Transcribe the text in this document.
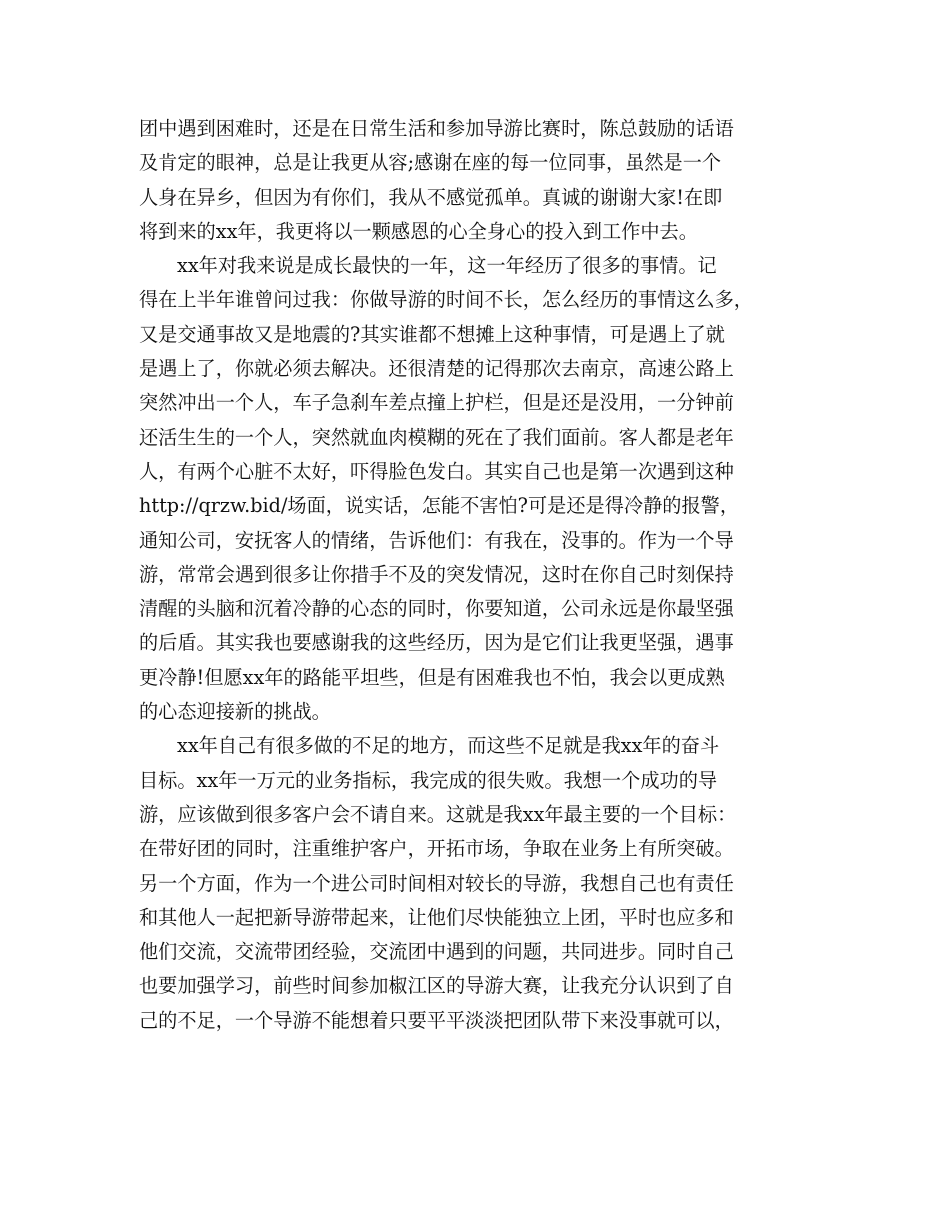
团中遇到困难时，还是在日常生活和参加导游比赛时，陈总鼓励的话语
及肯定的眼神，总是让我更从容;感谢在座的每一位同事，虽然是一个
人身在异乡，但因为有你们，我从不感觉孤单。真诚的谢谢大家!在即
将到来的xx年，我更将以一颗感恩的心全身心的投入到工作中去。
xx年对我来说是成长最快的一年，这一年经历了很多的事情。记
得在上半年谁曾问过我：你做导游的时间不长，怎么经历的事情这么多，
又是交通事故又是地震的?其实谁都不想摊上这种事情，可是遇上了就
是遇上了，你就必须去解决。还很清楚的记得那次去南京，高速公路上
突然冲出一个人，车子急刹车差点撞上护栏，但是还是没用，一分钟前
还活生生的一个人，突然就血肉模糊的死在了我们面前。客人都是老年
人，有两个心脏不太好，吓得脸色发白。其实自己也是第一次遇到这种
http://qrzw.bid/场面，说实话，怎能不害怕?可是还是得冷静的报警，
通知公司，安抚客人的情绪，告诉他们：有我在，没事的。作为一个导
游，常常会遇到很多让你措手不及的突发情况，这时在你自己时刻保持
清醒的头脑和沉着冷静的心态的同时，你要知道，公司永远是你最坚强
的后盾。其实我也要感谢我的这些经历，因为是它们让我更坚强，遇事
更冷静!但愿xx年的路能平坦些，但是有困难我也不怕，我会以更成熟
的心态迎接新的挑战。
xx年自己有很多做的不足的地方，而这些不足就是我xx年的奋斗
目标。xx年一万元的业务指标，我完成的很失败。我想一个成功的导
游，应该做到很多客户会不请自来。这就是我xx年最主要的一个目标：
在带好团的同时，注重维护客户，开拓市场，争取在业务上有所突破。
另一个方面，作为一个进公司时间相对较长的导游，我想自己也有责任
和其他人一起把新导游带起来，让他们尽快能独立上团，平时也应多和
他们交流，交流带团经验，交流团中遇到的问题，共同进步。同时自己
也要加强学习，前些时间参加椒江区的导游大赛，让我充分认识到了自
己的不足，一个导游不能想着只要平平淡淡把团队带下来没事就可以，
